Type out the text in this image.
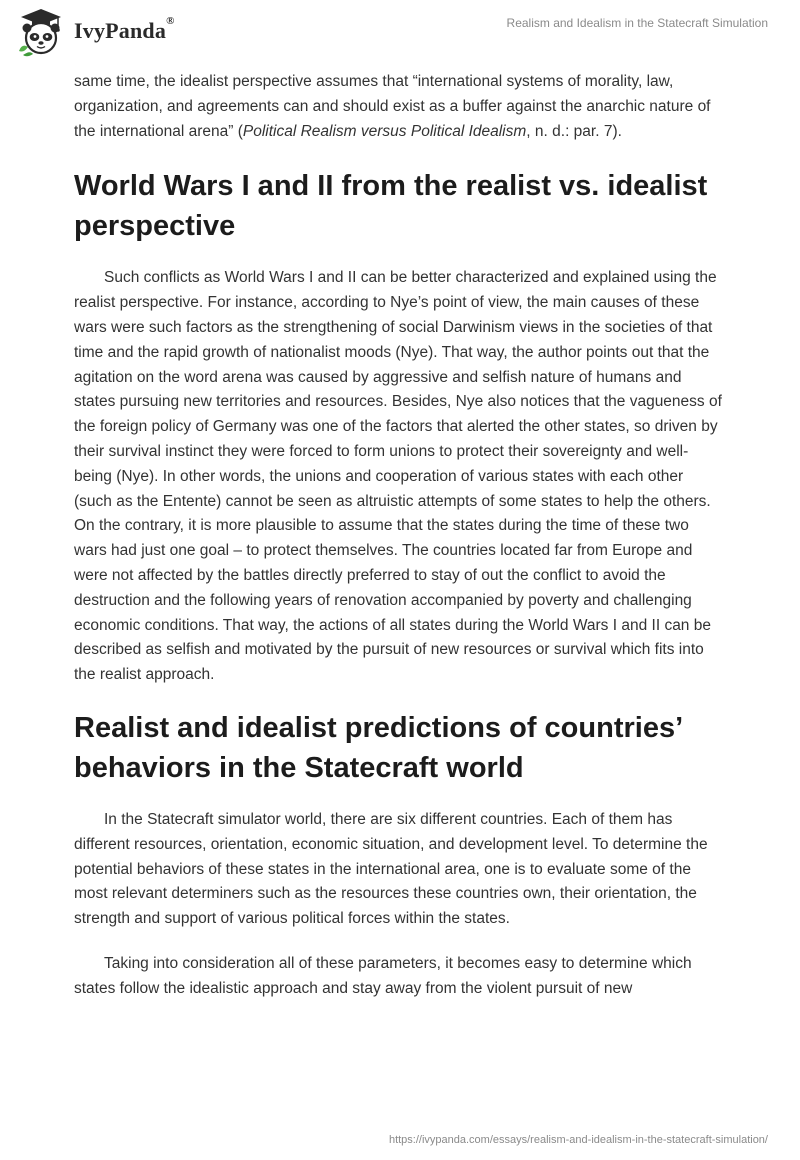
IvyPanda®	Realism and Idealism in the Statecraft Simulation

same time, the idealist perspective assumes that “international systems of morality, law, organization, and agreements can and should exist as a buffer against the anarchic nature of the international arena” (Political Realism versus Political Idealism, n. d.: par. 7).

World Wars I and II from the realist vs. idealist perspective

Such conflicts as World Wars I and II can be better characterized and explained using the realist perspective. For instance, according to Nye’s point of view, the main causes of these wars were such factors as the strengthening of social Darwinism views in the societies of that time and the rapid growth of nationalist moods (Nye). That way, the author points out that the agitation on the word arena was caused by aggressive and selfish nature of humans and states pursuing new territories and resources. Besides, Nye also notices that the vagueness of the foreign policy of Germany was one of the factors that alerted the other states, so driven by their survival instinct they were forced to form unions to protect their sovereignty and well-being (Nye). In other words, the unions and cooperation of various states with each other (such as the Entente) cannot be seen as altruistic attempts of some states to help the others. On the contrary, it is more plausible to assume that the states during the time of these two wars had just one goal – to protect themselves. The countries located far from Europe and were not affected by the battles directly preferred to stay of out the conflict to avoid the destruction and the following years of renovation accompanied by poverty and challenging economic conditions. That way, the actions of all states during the World Wars I and II can be described as selfish and motivated by the pursuit of new resources or survival which fits into the realist approach.

Realist and idealist predictions of countries’ behaviors in the Statecraft world

In the Statecraft simulator world, there are six different countries. Each of them has different resources, orientation, economic situation, and development level. To determine the potential behaviors of these states in the international area, one is to evaluate some of the most relevant determiners such as the resources these countries own, their orientation, the strength and support of various political forces within the states.

Taking into consideration all of these parameters, it becomes easy to determine which states follow the idealistic approach and stay away from the violent pursuit of new

https://ivypanda.com/essays/realism-and-idealism-in-the-statecraft-simulation/
